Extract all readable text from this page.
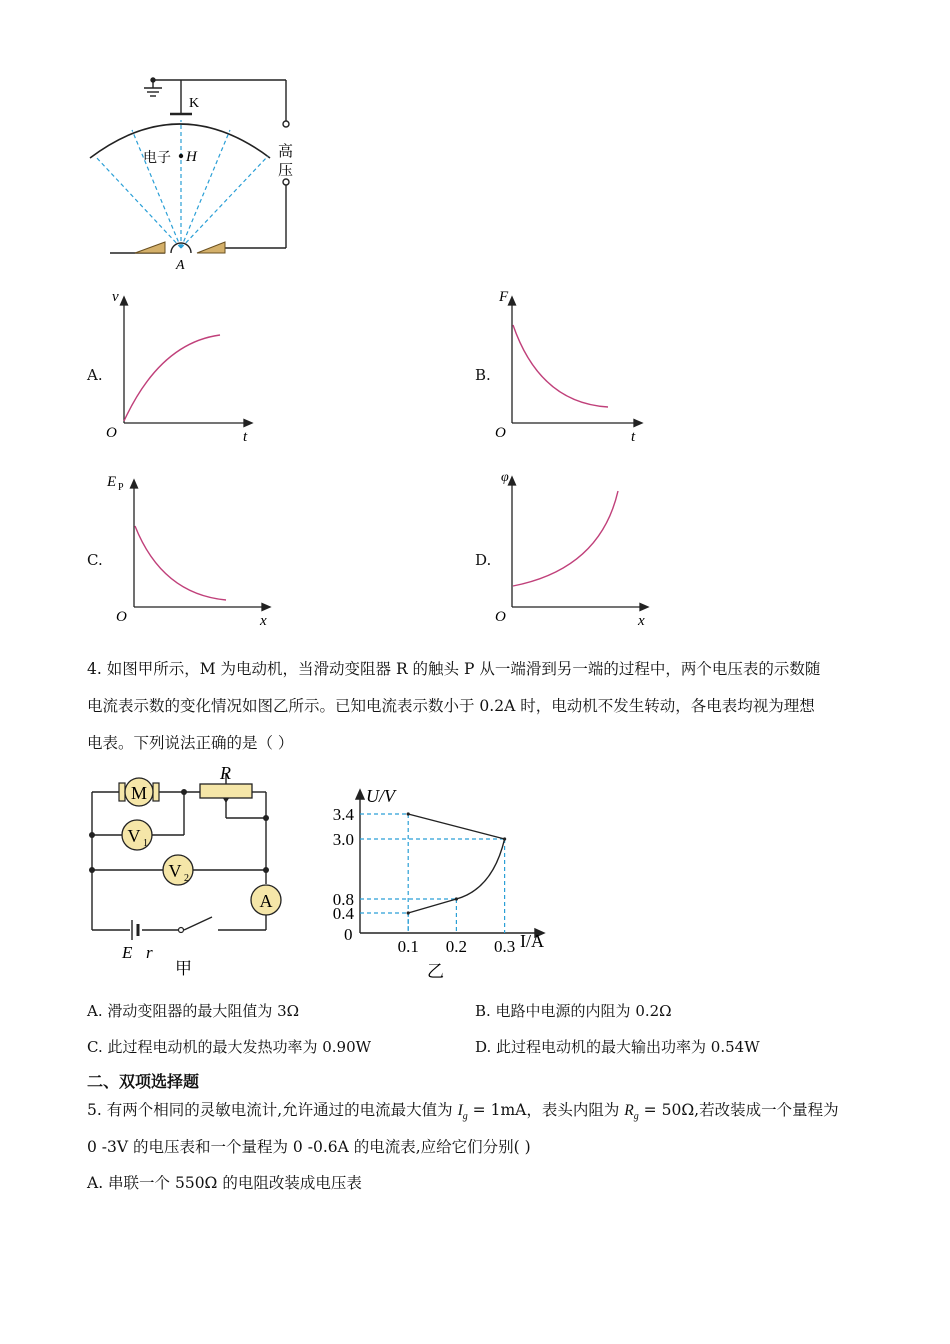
K
电子 H
A
高
压
A.
v
t
O
B.
F
t
O
C.
E P
x
O
D.
φ
x
O
4. 如图甲所示，M 为电动机，当滑动变阻器 R 的触头 P 从一端滑到另一端的过程中，两个电压表的示数随
电流表示数的变化情况如图乙所示。已知电流表示数小于 0.2A 时，电动机不发生转动，各电表均视为理想
电表。下列说法正确的是（ ）
M
R
V 1
V 2
A
E r
甲
0.4
0.8
3.0
3.4
0.1 0.2 0.3
U/V
I/A
0
乙
A. 滑动变阻器的最大阻值为 3Ω	B. 电路中电源的内阻为 0.2Ω
C. 此过程电动机的最大发热功率为 0.90W	D. 此过程电动机的最大输出功率为 0.54W
二、双项选择题
5. 有两个相同的灵敏电流计,允许通过的电流最大值为 $I_g = 1mA$，表头内阻为 $R_g = 50\Omega$,若改装成一个量程为
0 -3V 的电压表和一个量程为 0 -0.6A 的电流表,应给它们分别( )
A. 串联一个 550Ω 的电阻改装成电压表
